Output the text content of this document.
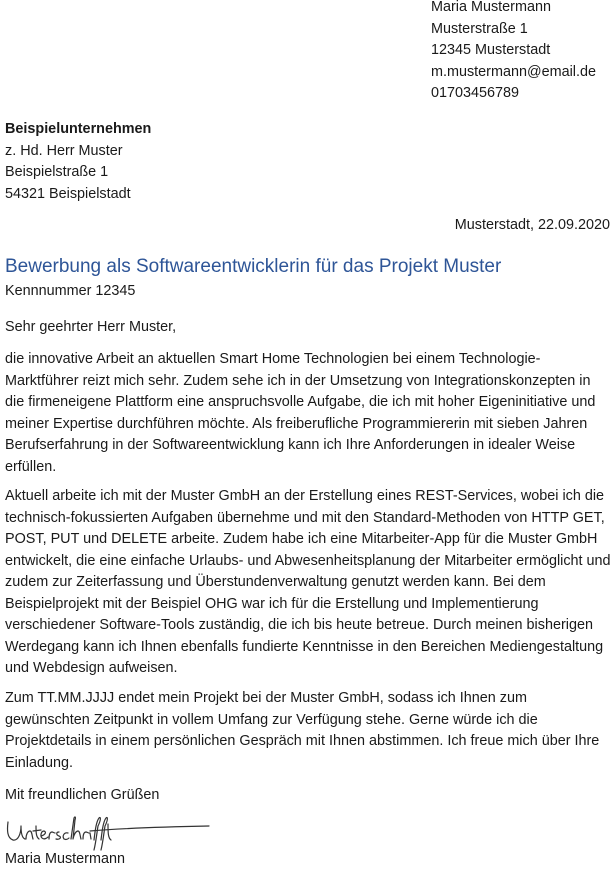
Maria Mustermann
Musterstraße 1
12345 Musterstadt
m.mustermann@email.de
01703456789
Beispielunternehmen
z. Hd. Herr Muster
Beispielstraße 1
54321 Beispielstadt
Musterstadt, 22.09.2020
Bewerbung als Softwareentwicklerin für das Projekt Muster
Kennnummer 12345
Sehr geehrter Herr Muster,

die innovative Arbeit an aktuellen Smart Home Technologien bei einem Technologie-Marktführer reizt mich sehr. Zudem sehe ich in der Umsetzung von Integrationskonzepten in die firmeneigene Plattform eine anspruchsvolle Aufgabe, die ich mit hoher Eigeninitiative und meiner Expertise durchführen möchte. Als freiberufliche Programmiererin mit sieben Jahren Berufserfahrung in der Softwareentwicklung kann ich Ihre Anforderungen in idealer Weise erfüllen.

Aktuell arbeite ich mit der Muster GmbH an der Erstellung eines REST-Services, wobei ich die technisch-fokussierten Aufgaben übernehme und mit den Standard-Methoden von HTTP GET, POST, PUT und DELETE arbeite. Zudem habe ich eine Mitarbeiter-App für die Muster GmbH entwickelt, die eine einfache Urlaubs- und Abwesenheitsplanung der Mitarbeiter ermöglicht und zudem zur Zeiterfassung und Überstundenverwaltung genutzt werden kann. Bei dem Beispielprojekt mit der Beispiel OHG war ich für die Erstellung und Implementierung verschiedener Software-Tools zuständig, die ich bis heute betreue. Durch meinen bisherigen Werdegang kann ich Ihnen ebenfalls fundierte Kenntnisse in den Bereichen Mediengestaltung und Webdesign aufweisen.

Zum TT.MM.JJJJ endet mein Projekt bei der Muster GmbH, sodass ich Ihnen zum gewünschten Zeitpunkt in vollem Umfang zur Verfügung stehe. Gerne würde ich die Projektdetails in einem persönlichen Gespräch mit Ihnen abstimmen. Ich freue mich über Ihre Einladung.

Mit freundlichen Grüßen
Maria Mustermann
